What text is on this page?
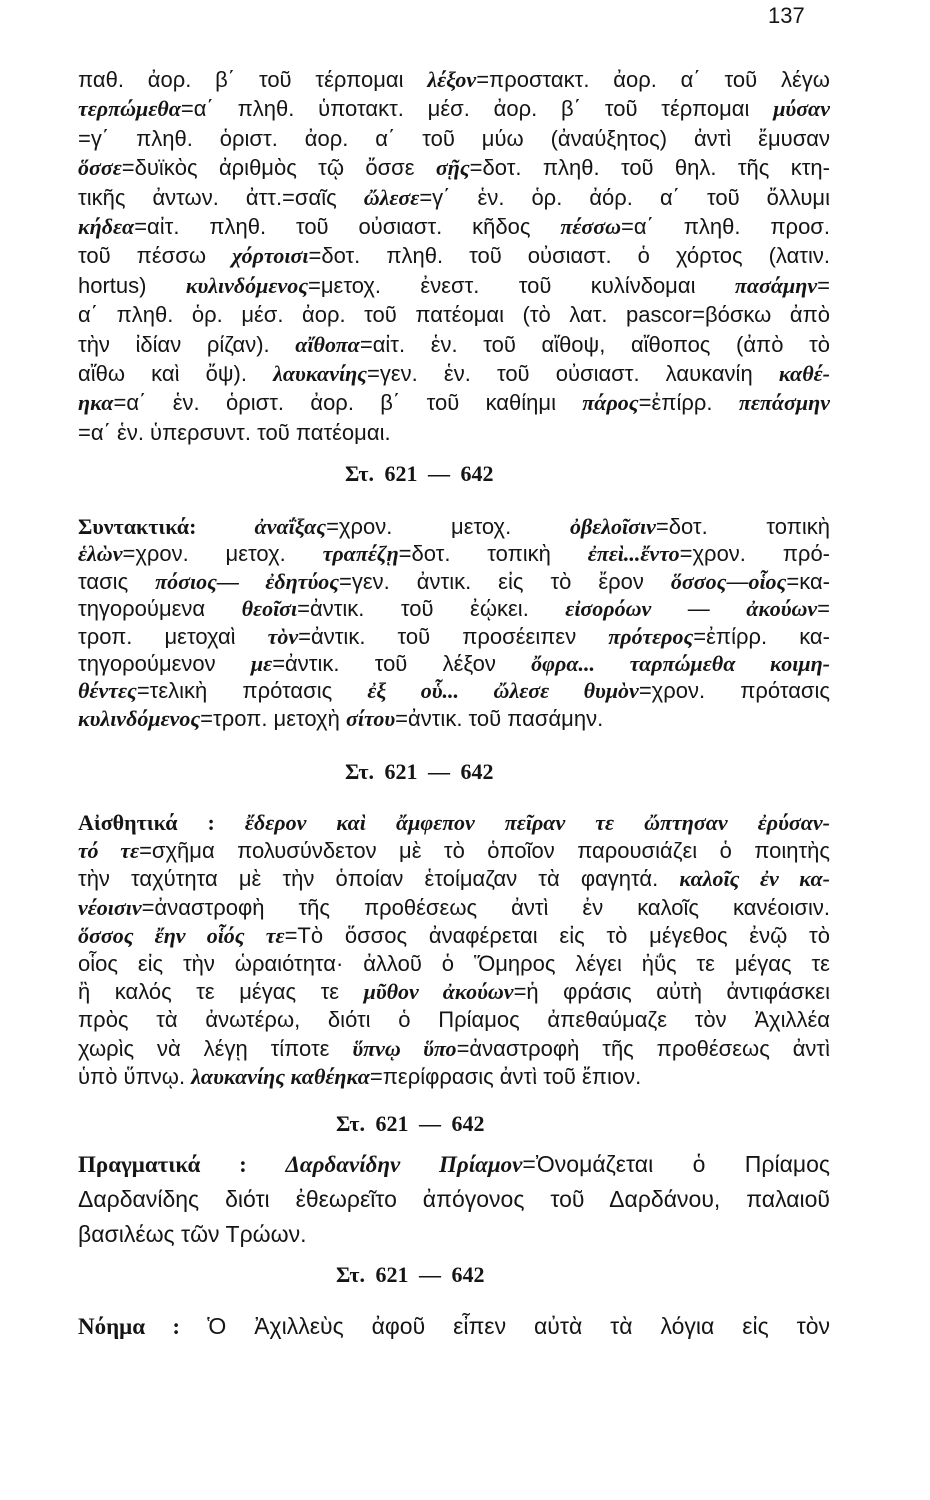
137
παθ. ἀορ. β΄ τοῦ τέρπομαι λέξον=προστακτ. ἀορ. α΄ τοῦ λέγω
τερπώμεθα=α΄ πληθ. ὑποτακτ. μέσ. ἀορ. β΄ τοῦ τέρπομαι μύσαν
=γ΄ πληθ. ὁριστ. ἀορ. α΄ τοῦ μύω (ἀναύξητος) ἀντὶ ἔμυσαν
ὅσσε=δυϊκὸς ἀριθμὸς τῷ ὄσσε σῇς=δοτ. πληθ. τοῦ θηλ. τῆς κτη-
τικῆς ἀντων. ἀττ.=σαῖς ὤλεσε=γ΄ ἑν. ὁρ. ἀόρ. α΄ τοῦ ὄλλυμι
κήδεα=αἰτ. πληθ. τοῦ οὐσιαστ. κῆδος πέσσω=α΄ πληθ. προσ.
τοῦ πέσσω χόρτοισι=δοτ. πληθ. τοῦ οὐσιαστ. ὁ χόρτος (λατιν.
hortus) κυλινδόμενος=μετοχ. ἐνεστ. τοῦ κυλίνδομαι πασάμην=
α΄ πληθ. ὁρ. μέσ. ἀορ. τοῦ πατέομαι (τὸ λατ. pascor=βόσκω ἀπὸ
τὴν ἰδίαν ρίζαν). αἴθοπα=αἰτ. ἑν. τοῦ αἴθοψ, αἴθοπος (ἀπὸ τὸ
αἴθω καὶ ὄψ). λαυκανίης=γεν. ἑν. τοῦ οὐσιαστ. λαυκανίη καθέ-
ηκα=α΄ ἑν. ὁριστ. ἀορ. β΄ τοῦ καθίημι πάρος=ἐπίρρ. πεπάσμην
=α΄ ἑν. ὑπερσυντ. τοῦ πατέομαι.
Στ. 621 — 642
Συντακτικά: ἀναΐξας=χρον. μετοχ. ὀβελοῖσιν=δοτ. τοπικὴ
ἑλὼν=χρον. μετοχ. τραπέζῃ=δοτ. τοπικὴ ἐπεὶ...ἔντο=χρον. πρό-
τασις πόσιος— ἐδητύος=γεν. ἀντικ. εἰς τὸ ἔρον ὅσσος—οἷος=κα-
τηγορούμενα θεοῖσι=ἀντικ. τοῦ ἐῴκει. εἰσορόων — ἀκούων=
τροπ. μετοχαὶ τὸν=ἀντικ. τοῦ προσέειπεν πρότερος=ἐπίρρ. κα-
τηγορούμενον με=ἀντικ. τοῦ λέξον ὄφρα... ταρπώμεθα κοιμη-
θέντες=τελικὴ πρότασις ἐξ οὗ... ὤλεσε θυμὸν=χρον. πρότασις
κυλινδόμενος=τροπ. μετοχὴ σίτου=ἀντικ. τοῦ πασάμην.
Στ. 621 — 642
Αἰσθητικά : ἔδερον καὶ ἄμφεπον πεῖραν τε ὤπτησαν ἐρύσαν-
τό τε=σχῆμα πολυσύνδετον μὲ τὸ ὁποῖον παρουσιάζει ὁ ποιητὴς
τὴν ταχύτητα μὲ τὴν ὁποίαν ἑτοίμαζαν τὰ φαγητά. καλοῖς ἐν κα-
νέοισιν=ἀναστροφὴ τῆς προθέσεως ἀντὶ ἐν καλοῖς κανέοισιν.
ὅσσος ἔην οἷός τε=Τὸ ὅσσος ἀναφέρεται εἰς τὸ μέγεθος ἐνῷ τὸ
οἷος εἰς τὴν ὡραιότητα· ἀλλοῦ ὁ Ὅμηρος λέγει ἠΰς τε μέγας τε
ἢ καλός τε μέγας τε μῦθον ἀκούων=ἡ φράσις αὐτὴ ἀντιφάσκει
πρὸς τὰ ἀνωτέρω, διότι ὁ Πρίαμος ἀπεθαύμαζε τὸν Ἀχιλλέα
χωρὶς νὰ λέγῃ τίποτε ὕπνῳ ὕπο=ἀναστροφὴ τῆς προθέσεως ἀντὶ
ὑπὸ ὕπνῳ. λαυκανίης καθέηκα=περίφρασις ἀντὶ τοῦ ἔπιον.
Στ. 621 — 642
Πραγματικά : Δαρδανίδην Πρίαμον=Ὀνομάζεται ὁ Πρίαμος
Δαρδανίδης διότι ἐθεωρεῖτο ἀπόγονος τοῦ Δαρδάνου, παλαιοῦ
βασιλέως τῶν Τρώων.
Στ. 621 — 642
Νόημα : Ὁ Ἀχιλλεὺς ἀφοῦ εἶπεν αὐτὰ τὰ λόγια εἰς τὸν
